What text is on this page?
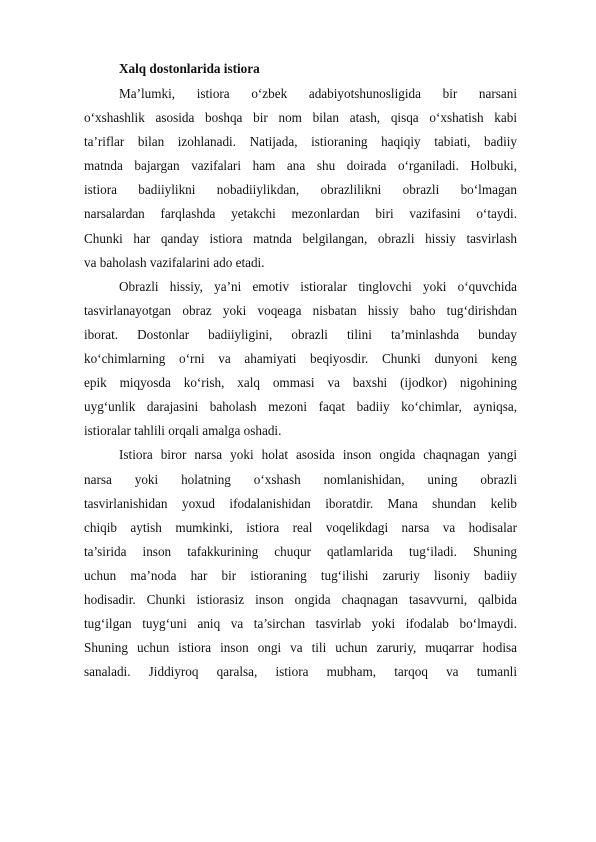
Xalq dostonlarida istiora
Ma’lumki, istiora o‘zbek adabiyotshunosligida bir narsani
o‘xshashlik asosida boshqa bir nom bilan atash, qisqa o‘xshatish kabi
ta’riflar bilan izohlanadi. Natijada, istioraning haqiqiy tabiati, badiiy
matnda bajargan vazifalari ham ana shu doirada o‘rganiladi. Holbuki,
istiora badiiylikni nobadiiylikdan, obrazlilikni obrazli bo‘lmagan
narsalardan farqlashda yetakchi mezonlardan biri vazifasini o‘taydi.
Chunki har qanday istiora matnda belgilangan, obrazli hissiy tasvirlash
va baholash vazifalarini ado etadi.
Obrazli hissiy, ya’ni emotiv istioralar tinglovchi yoki o‘quvchida
tasvirlanayotgan obraz yoki voqeaga nisbatan hissiy baho tug‘dirishdan
iborat. Dostonlar badiiyligini, obrazli tilini ta’minlashda bunday
ko‘chimlarning o‘rni va ahamiyati beqiyosdir. Chunki dunyoni keng
epik miqyosda ko‘rish, xalq ommasi va baxshi (ijodkor) nigohining
uyg‘unlik darajasini baholash mezoni faqat badiiy ko‘chimlar, ayniqsa,
istioralar tahlili orqali amalga oshadi.
Istiora biror narsa yoki holat asosida inson ongida chaqnagan yangi
narsa yoki holatning o‘xshash nomlanishidan, uning obrazli
tasvirlanishidan yoxud ifodalanishidan iboratdir. Mana shundan kelib
chiqib aytish mumkinki, istiora real voqelikdagi narsa va hodisalar
ta’sirida inson tafakkurining chuqur qatlamlarida tug‘iladi. Shuning
uchun ma’noda har bir istioraning tug‘ilishi zaruriy lisoniy badiiy
hodisadir. Chunki istiorasiz inson ongida chaqnagan tasavvurni, qalbida
tug‘ilgan tuyg‘uni aniq va ta’sirchan tasvirlab yoki ifodalab bo‘lmaydi.
Shuning uchun istiora inson ongi va tili uchun zaruriy, muqarrar hodisa
sanaladi. Jiddiyroq qaralsa, istiora mubham, tarqoq va tumanli
